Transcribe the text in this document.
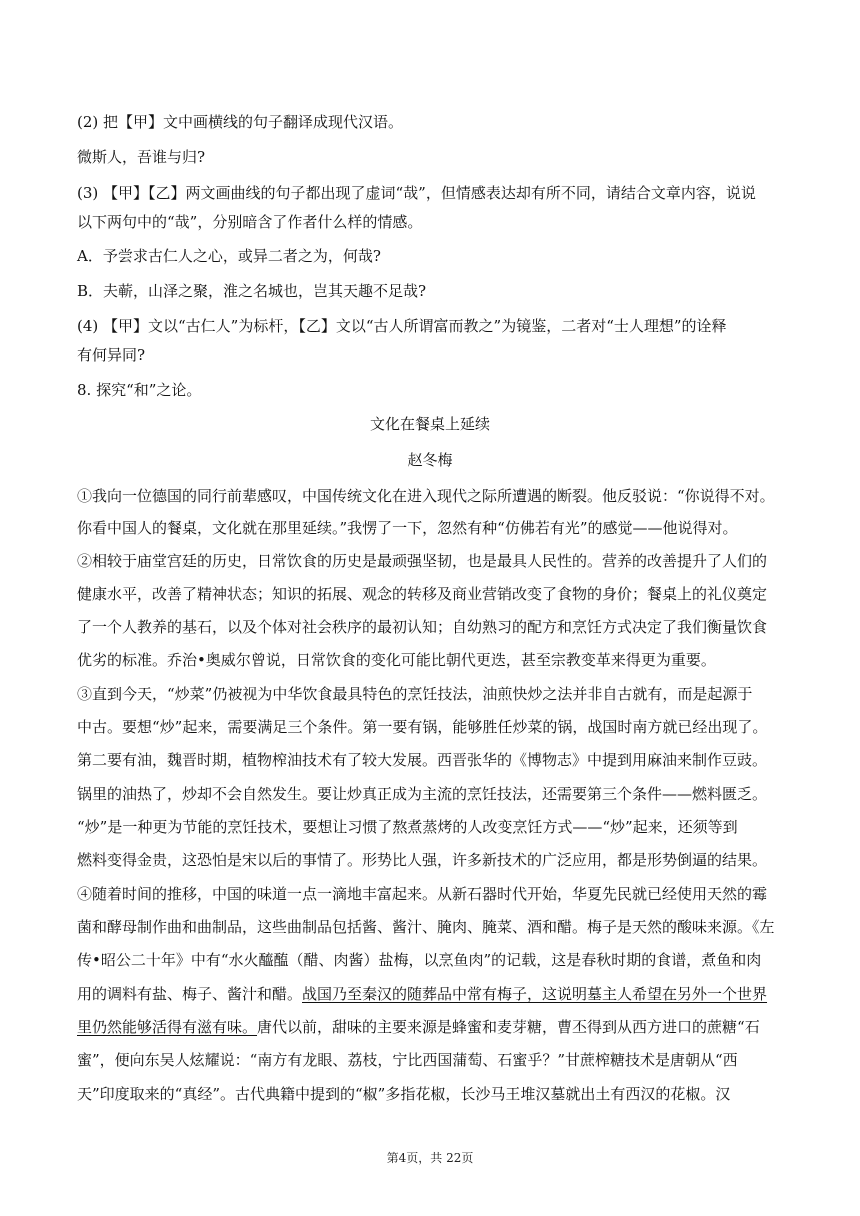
(2) 把【甲】文中画横线的句子翻译成现代汉语。
微斯人，吾谁与归?
(3) 【甲】【乙】两文画曲线的句子都出现了虚词“哉”，但情感表达却有所不同，请结合文章内容，说说
以下两句中的“哉”，分别暗含了作者什么样的情感。
A．予尝求古仁人之心，或异二者之为，何哉?
B．夫蕲，山泽之聚，淮之名城也，岂其天趣不足哉?
(4) 【甲】文以“古仁人”为标杆，【乙】文以“古人所谓富而教之”为镜鉴，二者对“士人理想”的诠释
有何异同?
8. 探究“和”之论。
文化在餐桌上延续
赵冬梅
①我向一位德国的同行前辈感叹，中国传统文化在进入现代之际所遭遇的断裂。他反驳说：“你说得不对。
你看中国人的餐桌，文化就在那里延续。”我愣了一下，忽然有种“仿佛若有光”的感觉——他说得对。
②相较于庙堂宫廷的历史，日常饮食的历史是最顽强坚韧，也是最具人民性的。营养的改善提升了人们的
健康水平，改善了精神状态；知识的拓展、观念的转移及商业营销改变了食物的身价；餐桌上的礼仪奠定
了一个人教养的基石，以及个体对社会秩序的最初认知；自幼熟习的配方和烹饪方式决定了我们衡量饮食
优劣的标准。乔治•奥威尔曾说，日常饮食的变化可能比朝代更迭，甚至宗教变革来得更为重要。
③直到今天，“炒菜”仍被视为中华饮食最具特色的烹饪技法，油煎快炒之法并非自古就有，而是起源于
中古。要想“炒”起来，需要满足三个条件。第一要有锅，能够胜任炒菜的锅，战国时南方就已经出现了。
第二要有油，魏晋时期，植物榨油技术有了较大发展。西晋张华的《博物志》中提到用麻油来制作豆豉。
锅里的油热了，炒却不会自然发生。要让炒真正成为主流的烹饪技法，还需要第三个条件——燃料匮乏。
“炒”是一种更为节能的烹饪技术，要想让习惯了熬煮蒸烤的人改变烹饪方式——“炒”起来，还须等到
燃料变得金贵，这恐怕是宋以后的事情了。形势比人强，许多新技术的广泛应用，都是形势倒逼的结果。
④随着时间的推移，中国的味道一点一滴地丰富起来。从新石器时代开始，华夏先民就已经使用天然的霉
菌和酵母制作曲和曲制品，这些曲制品包括酱、酱汁、腌肉、腌菜、酒和醋。梅子是天然的酸味来源。《左
传•昭公二十年》中有“水火醯醢（醋、肉酱）盐梅，以烹鱼肉”的记载，这是春秋时期的食谱，煮鱼和肉
用的调料有盐、梅子、酱汁和醋。战国乃至秦汉的随葬品中常有梅子，这说明墓主人希望在另外一个世界
里仍然能够活得有滋有味。唐代以前，甜味的主要来源是蜂蜜和麦芽糖，曹丕得到从西方进口的蔗糖“石
蜜”，便向东吴人炫耀说：“南方有龙眼、荔枝，宁比西国蒲萄、石蜜乎？”甘蔗榨糖技术是唐朝从“西
天”印度取来的“真经”。古代典籍中提到的“椒”多指花椒，长沙马王堆汉墓就出土有西汉的花椒。汉
第4页，共 22页
